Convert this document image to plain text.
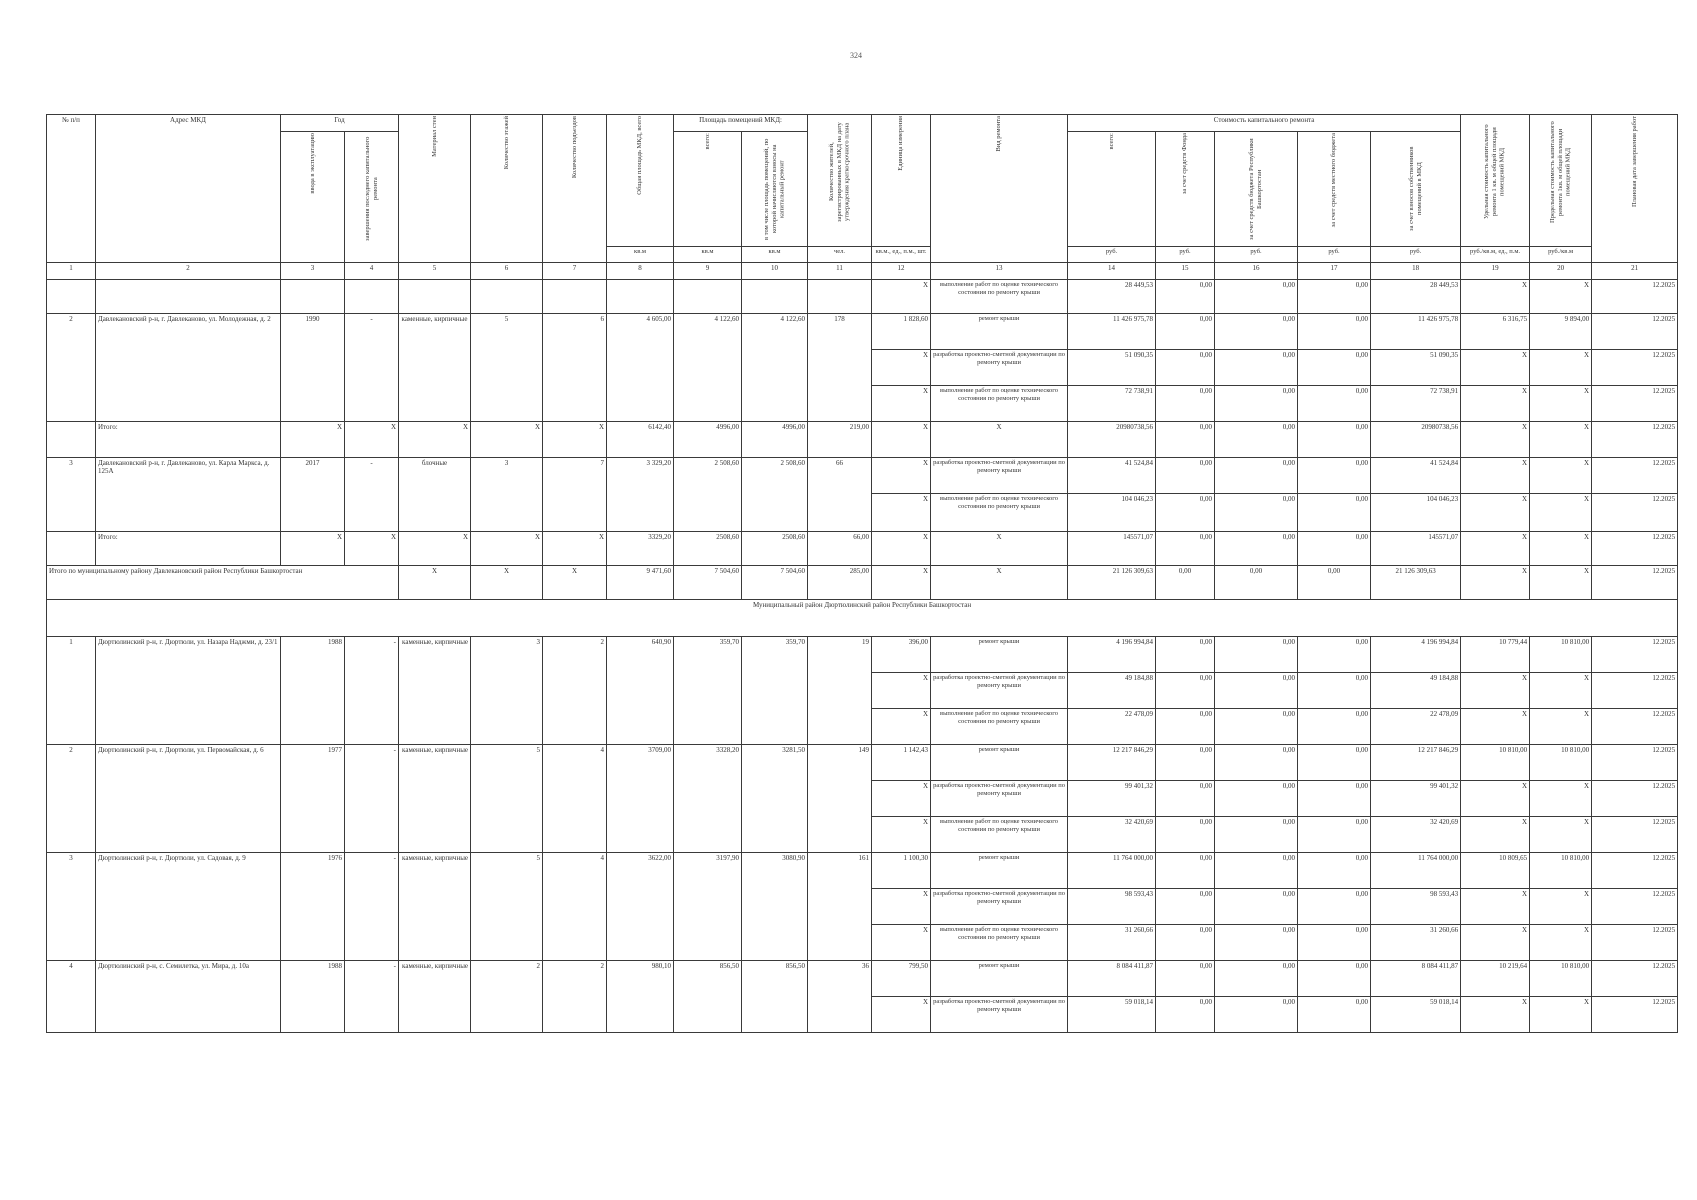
324
№ п/п	Адрес МКД	Год		Материал стен	Количество этажей	Количество подъездов	Общая площадь МКД, всего	Площадь помещений МКД:		Количество жителей, зарегистрированных в МКД на дату утверждения краткосрочного плана	Единица измерения	Вид ремонта	Стоимость капитального ремонта					Удельная стоимость капитального ремонта 1 кв. м общей площади помещений МКД	Предельная стоимость капитального ремонта 1кв. м общей площади помещений МКД	Плановая дата завершения работ

		ввода в эксплуатацию	завершения последнего капитального ремонта					всего:	в том числе площадь помещений, по которой начисляются взносы на капитальный ремонт				всего:	за счет средств Фонда	за счет средств бюджета Республики Башкортостан	за счет средств местного бюджета	за счет взносов собственников помещений в МКД			

							кв.м	кв.м	кв.м	чел.	кв.м., ед., п.м., шт.		руб.	руб.	руб.	руб.	руб.	руб./кв.м, ед., п.м.	руб./кв.м	
1	2	3	4	5	6	7	8	9	10	11	12	13	14	15	16	17	18	19	20	21
											X	выполнение работ по оценке технического состояния по ремонту крыши	28 449,53	0,00	0,00	0,00	28 449,53	X	X	12.2025
2	Давлекановский р-н, г. Давлеканово, ул. Молодежная, д. 2	1990	-	каменные, кирпичные	5	6	4 605,00	4 122,60	4 122,60	178	1 828,60	ремонт крыши	11 426 975,78	0,00	0,00	0,00	11 426 975,78	6 316,75	9 894,00	12.2025
											X	разработка проектно-сметной документации по ремонту крыши	51 090,35	0,00	0,00	0,00	51 090,35	X	X	12.2025
											X	выполнение работ по оценке технического состояния по ремонту крыши	72 738,91	0,00	0,00	0,00	72 738,91	X	X	12.2025
	Итого:	X	X	X	X	X	6142,40	4996,00	4996,00	219,00	X	X	20980738,56	0,00	0,00	0,00	20980738,56	X	X	12.2025
3	Давлекановский р-н, г. Давлеканово, ул. Карла Маркса, д. 125А	2017	-	блочные	3	7	3 329,20	2 508,60	2 508,60	66	X	разработка проектно-сметной документации по ремонту крыши	41 524,84	0,00	0,00	0,00	41 524,84	X	X	12.2025
											X	выполнение работ по оценке технического состояния по ремонту крыши	104 046,23	0,00	0,00	0,00	104 046,23	X	X	12.2025
	Итого:	X	X	X	X	X	3329,20	2508,60	2508,60	66,00	X	X	145571,07	0,00	0,00	0,00	145571,07	X	X	12.2025
Итого по муниципальному району Давлекановский район Республики Башкортостан				X	X	X	9 471,60	7 504,60	7 504,60	285,00	X	X	21 126 309,63	0,00	0,00	0,00	21 126 309,63	X	X	12.2025
Муниципальный район Дюртюлинский район Республики Башкортостан																				
1	Дюртюлинский р-н, г. Дюртюли, ул. Назара Наджми, д. 23/1	1988	-	каменные, кирпичные	3	2	640,90	359,70	359,70	19	396,00	ремонт крыши	4 196 994,84	0,00	0,00	0,00	4 196 994,84	10 779,44	10 810,00	12.2025
											X	разработка проектно-сметной документации по ремонту крыши	49 184,88	0,00	0,00	0,00	49 184,88	X	X	12.2025
											X	выполнение работ по оценке технического состояния по ремонту крыши	22 478,09	0,00	0,00	0,00	22 478,09	X	X	12.2025
2	Дюртюлинский р-н, г. Дюртюли, ул. Первомайская, д. 6	1977	-	каменные, кирпичные	5	4	3709,00	3328,20	3281,50	149	1 142,43	ремонт крыши	12 217 846,29	0,00	0,00	0,00	12 217 846,29	10 810,00	10 810,00	12.2025
											X	разработка проектно-сметной документации по ремонту крыши	99 401,32	0,00	0,00	0,00	99 401,32	X	X	12.2025
											X	выполнение работ по оценке технического состояния по ремонту крыши	32 420,69	0,00	0,00	0,00	32 420,69	X	X	12.2025
3	Дюртюлинский р-н, г. Дюртюли, ул. Садовая, д. 9	1976	-	каменные, кирпичные	5	4	3622,00	3197,90	3080,90	161	1 100,30	ремонт крыши	11 764 000,00	0,00	0,00	0,00	11 764 000,00	10 809,65	10 810,00	12.2025
											X	разработка проектно-сметной документации по ремонту крыши	98 593,43	0,00	0,00	0,00	98 593,43	X	X	12.2025
											X	выполнение работ по оценке технического состояния по ремонту крыши	31 260,66	0,00	0,00	0,00	31 260,66	X	X	12.2025
4	Дюртюлинский р-н, с. Семилетка, ул. Мира, д. 10а	1988	-	каменные, кирпичные	2	2	980,10	856,50	856,50	36	799,50	ремонт крыши	8 084 411,87	0,00	0,00	0,00	8 084 411,87	10 219,64	10 810,00	12.2025
											X	разработка проектно-сметной документации по ремонту крыши	59 018,14	0,00	0,00	0,00	59 018,14	X	X	12.2025
